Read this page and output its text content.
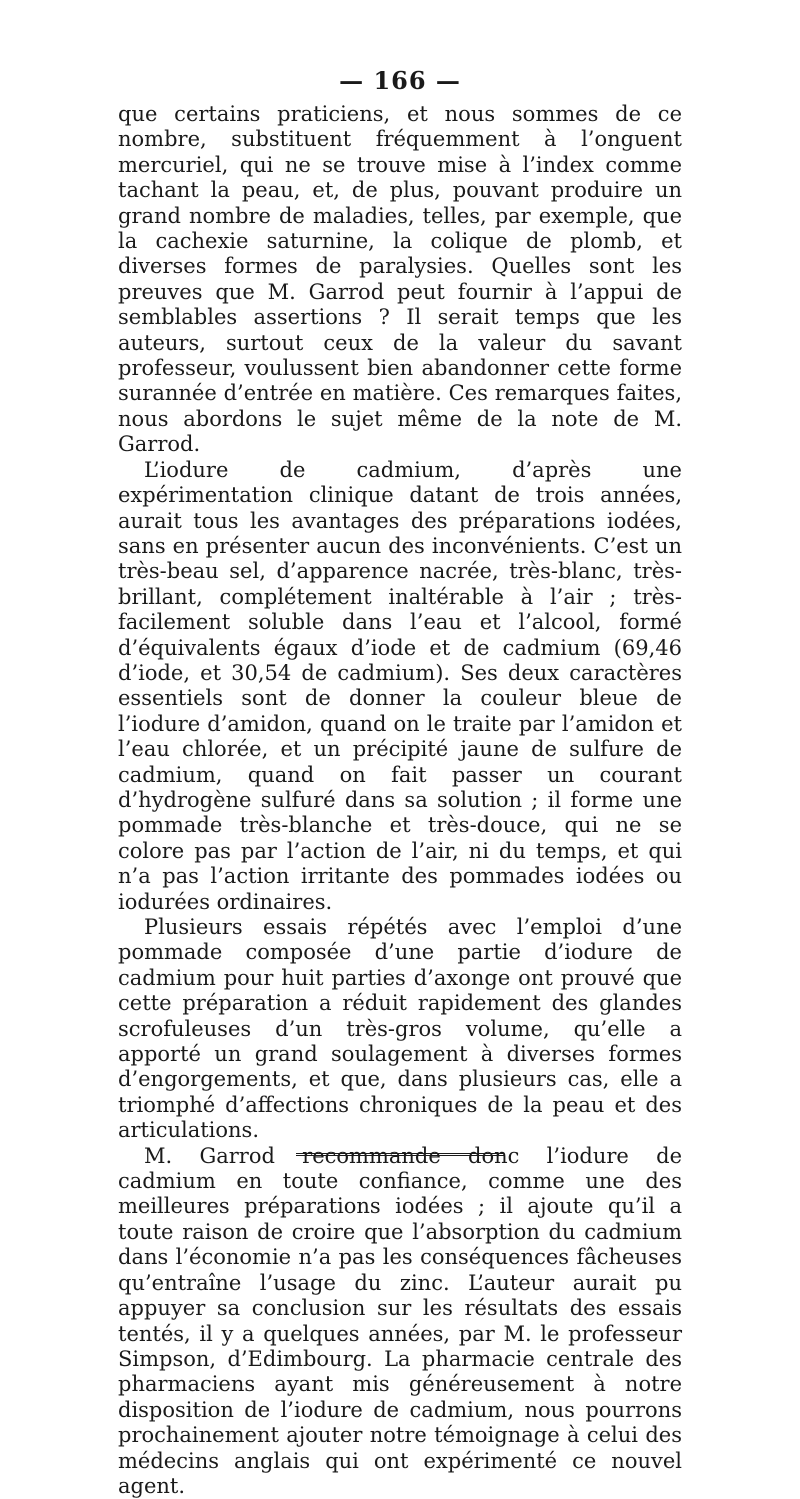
— 166 —

que certains praticiens, et nous sommes de ce nombre, substituent fréquemment à l’onguent mercuriel, qui ne se trouve mise à l’index comme tachant la peau, et, de plus, pouvant produire un grand nombre de maladies, telles, par exemple, que la cachexie saturnine, la colique de plomb, et diverses formes de paralysies. Quelles sont les preuves que M. Garrod peut fournir à l’appui de semblables assertions ? Il serait temps que les auteurs, surtout ceux de la valeur du savant professeur, voulussent bien abandonner cette forme surannée d’entrée en matière. Ces remarques faites, nous abordons le sujet même de la note de M. Garrod.

L’iodure de cadmium, d’après une expérimentation clinique datant de trois années, aurait tous les avantages des préparations iodées, sans en présenter aucun des inconvénients. C’est un très-beau sel, d’apparence nacrée, très-blanc, très-brillant, complétement inaltérable à l’air ; très-facilement soluble dans l’eau et l’alcool, formé d’équivalents égaux d’iode et de cadmium (69,46 d’iode, et 30,54 de cadmium). Ses deux caractères essentiels sont de donner la couleur bleue de l’iodure d’amidon, quand on le traite par l’amidon et l’eau chlorée, et un précipité jaune de sulfure de cadmium, quand on fait passer un courant d’hydrogène sulfuré dans sa solution ; il forme une pommade très-blanche et très-douce, qui ne se colore pas par l’action de l’air, ni du temps, et qui n’a pas l’action irritante des pommades iodées ou iodurées ordinaires.

Plusieurs essais répétés avec l’emploi d’une pommade composée d’une partie d’iodure de cadmium pour huit parties d’axonge ont prouvé que cette préparation a réduit rapidement des glandes scrofuleuses d’un très-gros volume, qu’elle a apporté un grand soulagement à diverses formes d’engorgements, et que, dans plusieurs cas, elle a triomphé d’affections chroniques de la peau et des articulations.

M. Garrod recommande donc l’iodure de cadmium en toute confiance, comme une des meilleures préparations iodées ; il ajoute qu’il a toute raison de croire que l’absorption du cadmium dans l’économie n’a pas les conséquences fâcheuses qu’entraîne l’usage du zinc. L’auteur aurait pu appuyer sa conclusion sur les résultats des essais tentés, il y a quelques années, par M. le professeur Simpson, d’Edimbourg. La pharmacie centrale des pharmaciens ayant mis généreusement à notre disposition de l’iodure de cadmium, nous pourrons prochainement ajouter notre témoignage à celui des médecins anglais qui ont expérimenté ce nouvel agent.
